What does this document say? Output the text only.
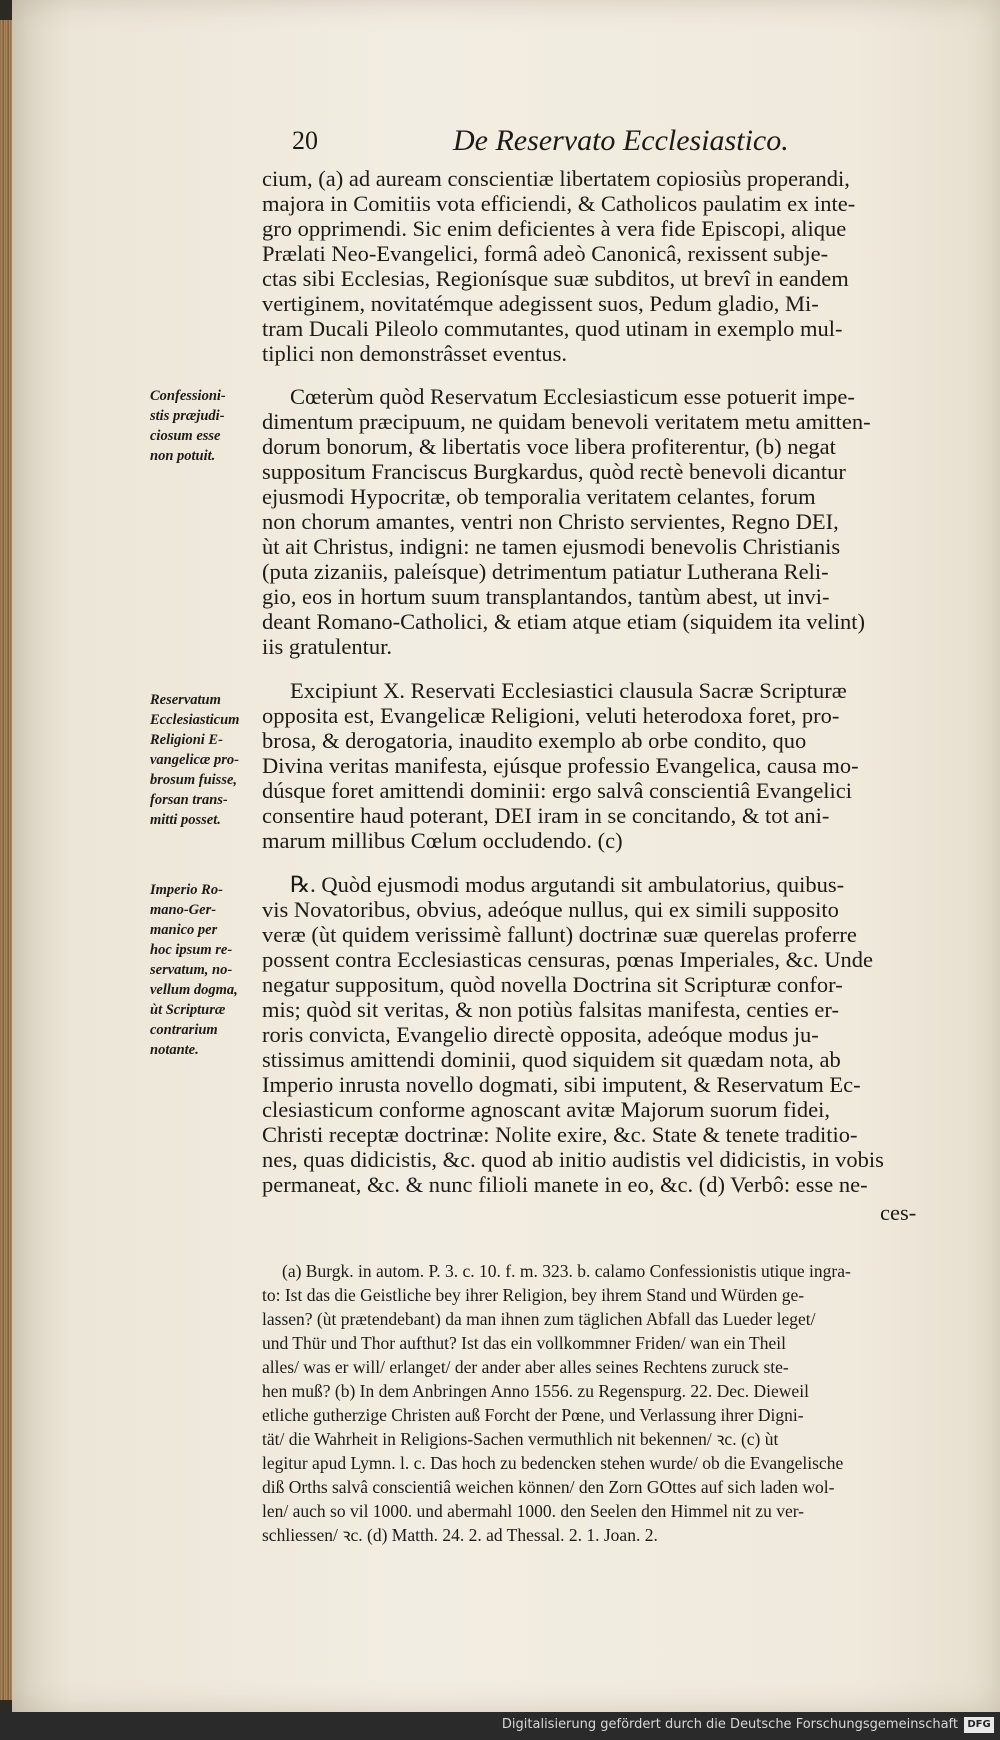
20	De Reservato Ecclesiastico.
cium, (a) ad auream conscientiæ libertatem copiosiùs properandi,
majora in Comitiis vota efficiendi, & Catholicos paulatim ex inte-
gro opprimendi. Sic enim deficientes à vera fide Episcopi, alique
Prælati Neo-Evangelici, formâ adeò Canonicâ, rexissent subje-
ctas sibi Ecclesias, Regionísque suæ subditos, ut brevî in eandem
vertiginem, novitatémque adegissent suos, Pedum gladio, Mi-
tram Ducali Pileolo commutantes, quod utinam in exemplo mul-
tiplici non demonstrâsset eventus.
Cœterùm quòd Reservatum Ecclesiasticum esse potuerit impe-
dimentum præcipuum, ne quidam benevoli veritatem metu amitten-
dorum bonorum, & libertatis voce libera profiterentur, (b) negat
suppositum Franciscus Burgkardus, quòd rectè benevoli dicantur
ejusmodi Hypocritæ, ob temporalia veritatem celantes, forum
non chorum amantes, ventri non Christo servientes, Regno DEI,
ùt ait Christus, indigni: ne tamen ejusmodi benevolis Christianis
(puta zizaniis, paleísque) detrimentum patiatur Lutherana Reli-
gio, eos in hortum suum transplantandos, tantùm abest, ut invi-
deant Romano-Catholici, & etiam atque etiam (siquidem ita velint)
iis gratulentur.
Excipiunt X. Reservati Ecclesiastici clausula Sacræ Scripturæ
opposita est, Evangelicæ Religioni, veluti heterodoxa foret, pro-
brosa, & derogatoria, inaudito exemplo ab orbe condito, quo
Divina veritas manifesta, ejúsque professio Evangelica, causa mo-
dúsque foret amittendi dominii: ergo salvâ conscientiâ Evangelici
consentire haud poterant, DEI iram in se concitando, & tot ani-
marum millibus Cœlum occludendo. (c)
℞. Quòd ejusmodi modus argutandi sit ambulatorius, quibus-
vis Novatoribus, obvius, adeóque nullus, qui ex simili supposito
veræ (ùt quidem verissimè fallunt) doctrinæ suæ querelas proferre
possent contra Ecclesiasticas censuras, pœnas Imperiales, &c. Unde
negatur suppositum, quòd novella Doctrina sit Scripturæ confor-
mis; quòd sit veritas, & non potiùs falsitas manifesta, centies er-
roris convicta, Evangelio directè opposita, adeóque modus ju-
stissimus amittendi dominii, quod siquidem sit quædam nota, ab
Imperio inrusta novello dogmati, sibi imputent, & Reservatum Ec-
clesiasticum conforme agnoscant avitæ Majorum suorum fidei,
Christi receptæ doctrinæ: Nolite exire, &c. State & tenete traditio-
nes, quas didicistis, &c. quod ab initio audistis vel didicistis, in vobis
permaneat, &c. & nunc filioli manete in eo, &c. (d) Verbô: esse ne-
ces-
Confessioni-
stis præjudi-
ciosum esse
non potuit.
Reservatum
Ecclesiasticum
Religioni E-
vangelicæ pro-
brosum fuisse,
forsan trans-
mitti posset.
Imperio Ro-
mano-Ger-
manico per
hoc ipsum re-
servatum, no-
vellum dogma,
ùt Scripturæ
contrarium
notante.
(a) Burgk. in autom. P. 3. c. 10. f. m. 323. b. calamo Confessionistis utique ingra-
to: Ist das die Geistliche bey ihrer Religion, bey ihrem Stand und Würden ge-
lassen? (ùt prætendebant) da man ihnen zum täglichen Abfall das Lueder leget/
und Thür und Thor aufthut? Ist das ein vollkommner Friden/ wan ein Theil
alles/ was er will/ erlanget/ der ander aber alles seines Rechtens zuruck ste-
hen muß? (b) In dem Anbringen Anno 1556. zu Regenspurg. 22. Dec. Dieweil
etliche gutherzige Christen auß Forcht der Pœne, und Verlassung ihrer Digni-
tät/ die Wahrheit in Religions-Sachen vermuthlich nit bekennen/ ꝛc. (c) ùt
legitur apud Lymn. l. c. Das hoch zu bedencken stehen wurde/ ob die Evangelische
diß Orths salvâ conscientiâ weichen können/ den Zorn GOttes auf sich laden wol-
len/ auch so vil 1000. und abermahl 1000. den Seelen den Himmel nit zu ver-
schliessen/ ꝛc. (d) Matth. 24. 2. ad Thessal. 2. 1. Joan. 2.
Digitalisierung gefördert durch die Deutsche Forschungsgemeinschaft DFG
